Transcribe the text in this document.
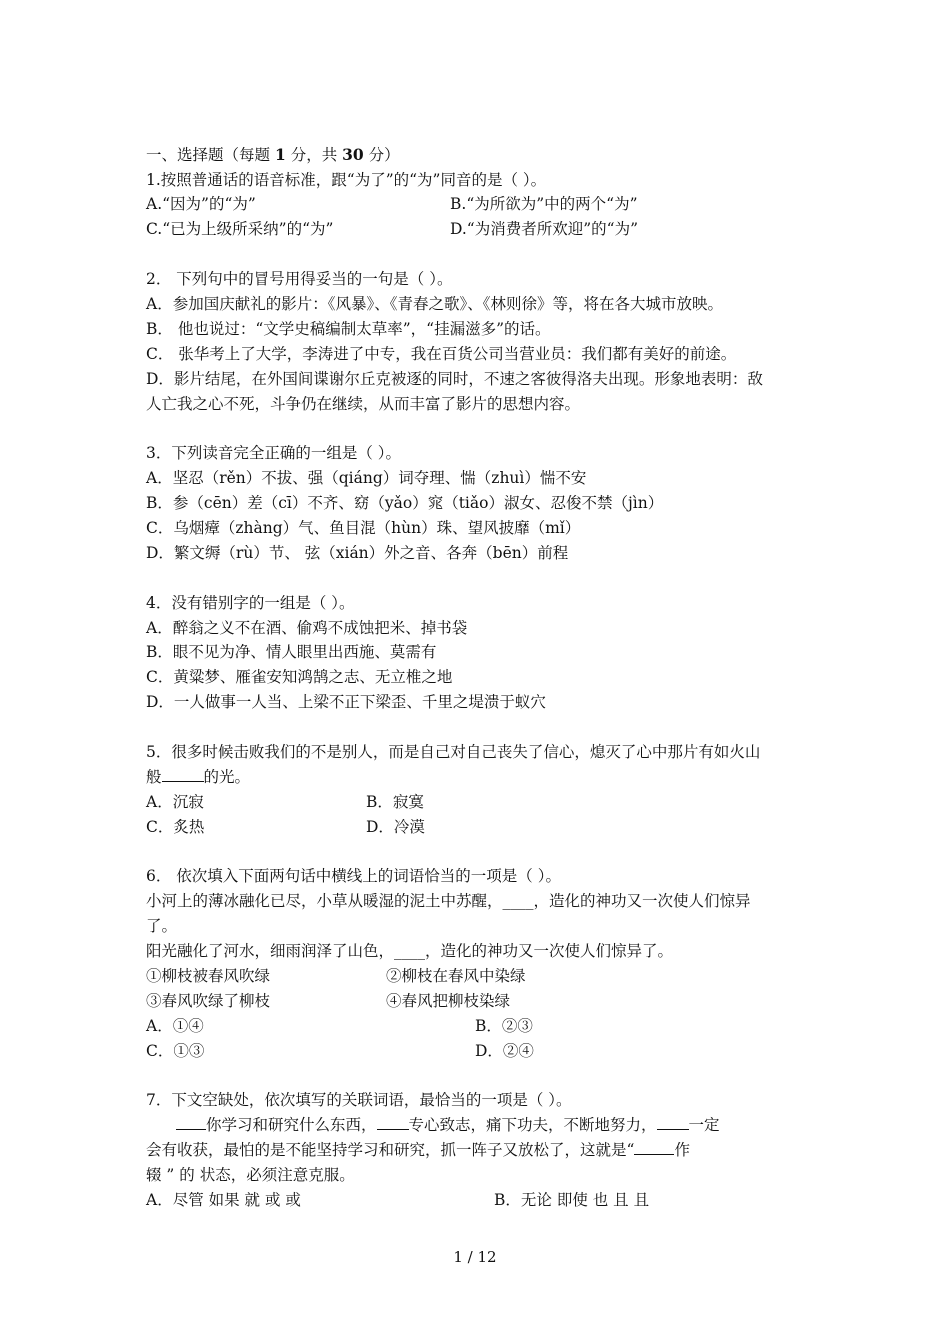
一、选择题（每题 1 分，共 30 分）
1.按照普通话的语音标准，跟“为了”的“为”同音的是（ ）。
A.“因为”的“为”	B.“为所欲为”中的两个“为”
C.“已为上级所采纳”的“为”	D.“为消费者所欢迎”的“为”
2． 下列句中的冒号用得妥当的一句是（ ）。
A．参加国庆献礼的影片：《风暴》、《青春之歌》、《林则徐》等，将在各大城市放映。
B． 他也说过：“文学史稿编制太草率”，“挂漏滋多”的话。
C． 张华考上了大学，李涛进了中专，我在百货公司当营业员：我们都有美好的前途。
D．影片结尾，在外国间谍谢尔丘克被逐的同时，不速之客彼得洛夫出现。形象地表明：敌
人亡我之心不死，斗争仍在继续，从而丰富了影片的思想内容。
3．下列读音完全正确的一组是（ ）。
A．坚忍（rěn）不拔、强（qiáng）词夺理、惴（zhuì）惴不安
B．参（cēn）差（cī）不齐、窈（yǎo）窕（tiǎo）淑女、忍俊不禁（jìn）
C．乌烟瘴（zhàng）气、鱼目混（hùn）珠、望风披靡（mǐ）
D．繁文缛（rù）节、 弦（xián）外之音、各奔（bēn）前程
4．没有错别字的一组是（ ）。
A．醉翁之义不在酒、偷鸡不成蚀把米、掉书袋
B．眼不见为净、情人眼里出西施、莫需有
C．黄粱梦、雁雀安知鸿鹄之志、无立椎之地
D．一人做事一人当、上梁不正下梁歪、千里之堤溃于蚁穴
5．很多时候击败我们的不是别人，而是自己对自己丧失了信心，熄灭了心中那片有如火山
般	的光。
A．沉寂	B．寂寞
C．炙热	D．冷漠
6． 依次填入下面两句话中横线上的词语恰当的一项是（ ）。
小河上的薄冰融化已尽，小草从暖湿的泥土中苏醒，____，造化的神功又一次使人们惊异
了。
阳光融化了河水，细雨润泽了山色，____，造化的神功又一次使人们惊异了。
①柳枝被春风吹绿	②柳枝在春风中染绿
③春风吹绿了柳枝	④春风把柳枝染绿
A．①④	B．②③
C．①③	D．②④
7．下文空缺处，依次填写的关联词语，最恰当的一项是（ ）。
你学习和研究什么东西， 专心致志，痛下功夫，不断地努力， 一定
会有收获，最怕的是不能坚持学习和研究，抓一阵子又放松了，这就是“	作
辍 ” 的 状态，必须注意克服。
A．尽管 如果 就 或 或	B．无论 即使 也 且 且
1 / 12
